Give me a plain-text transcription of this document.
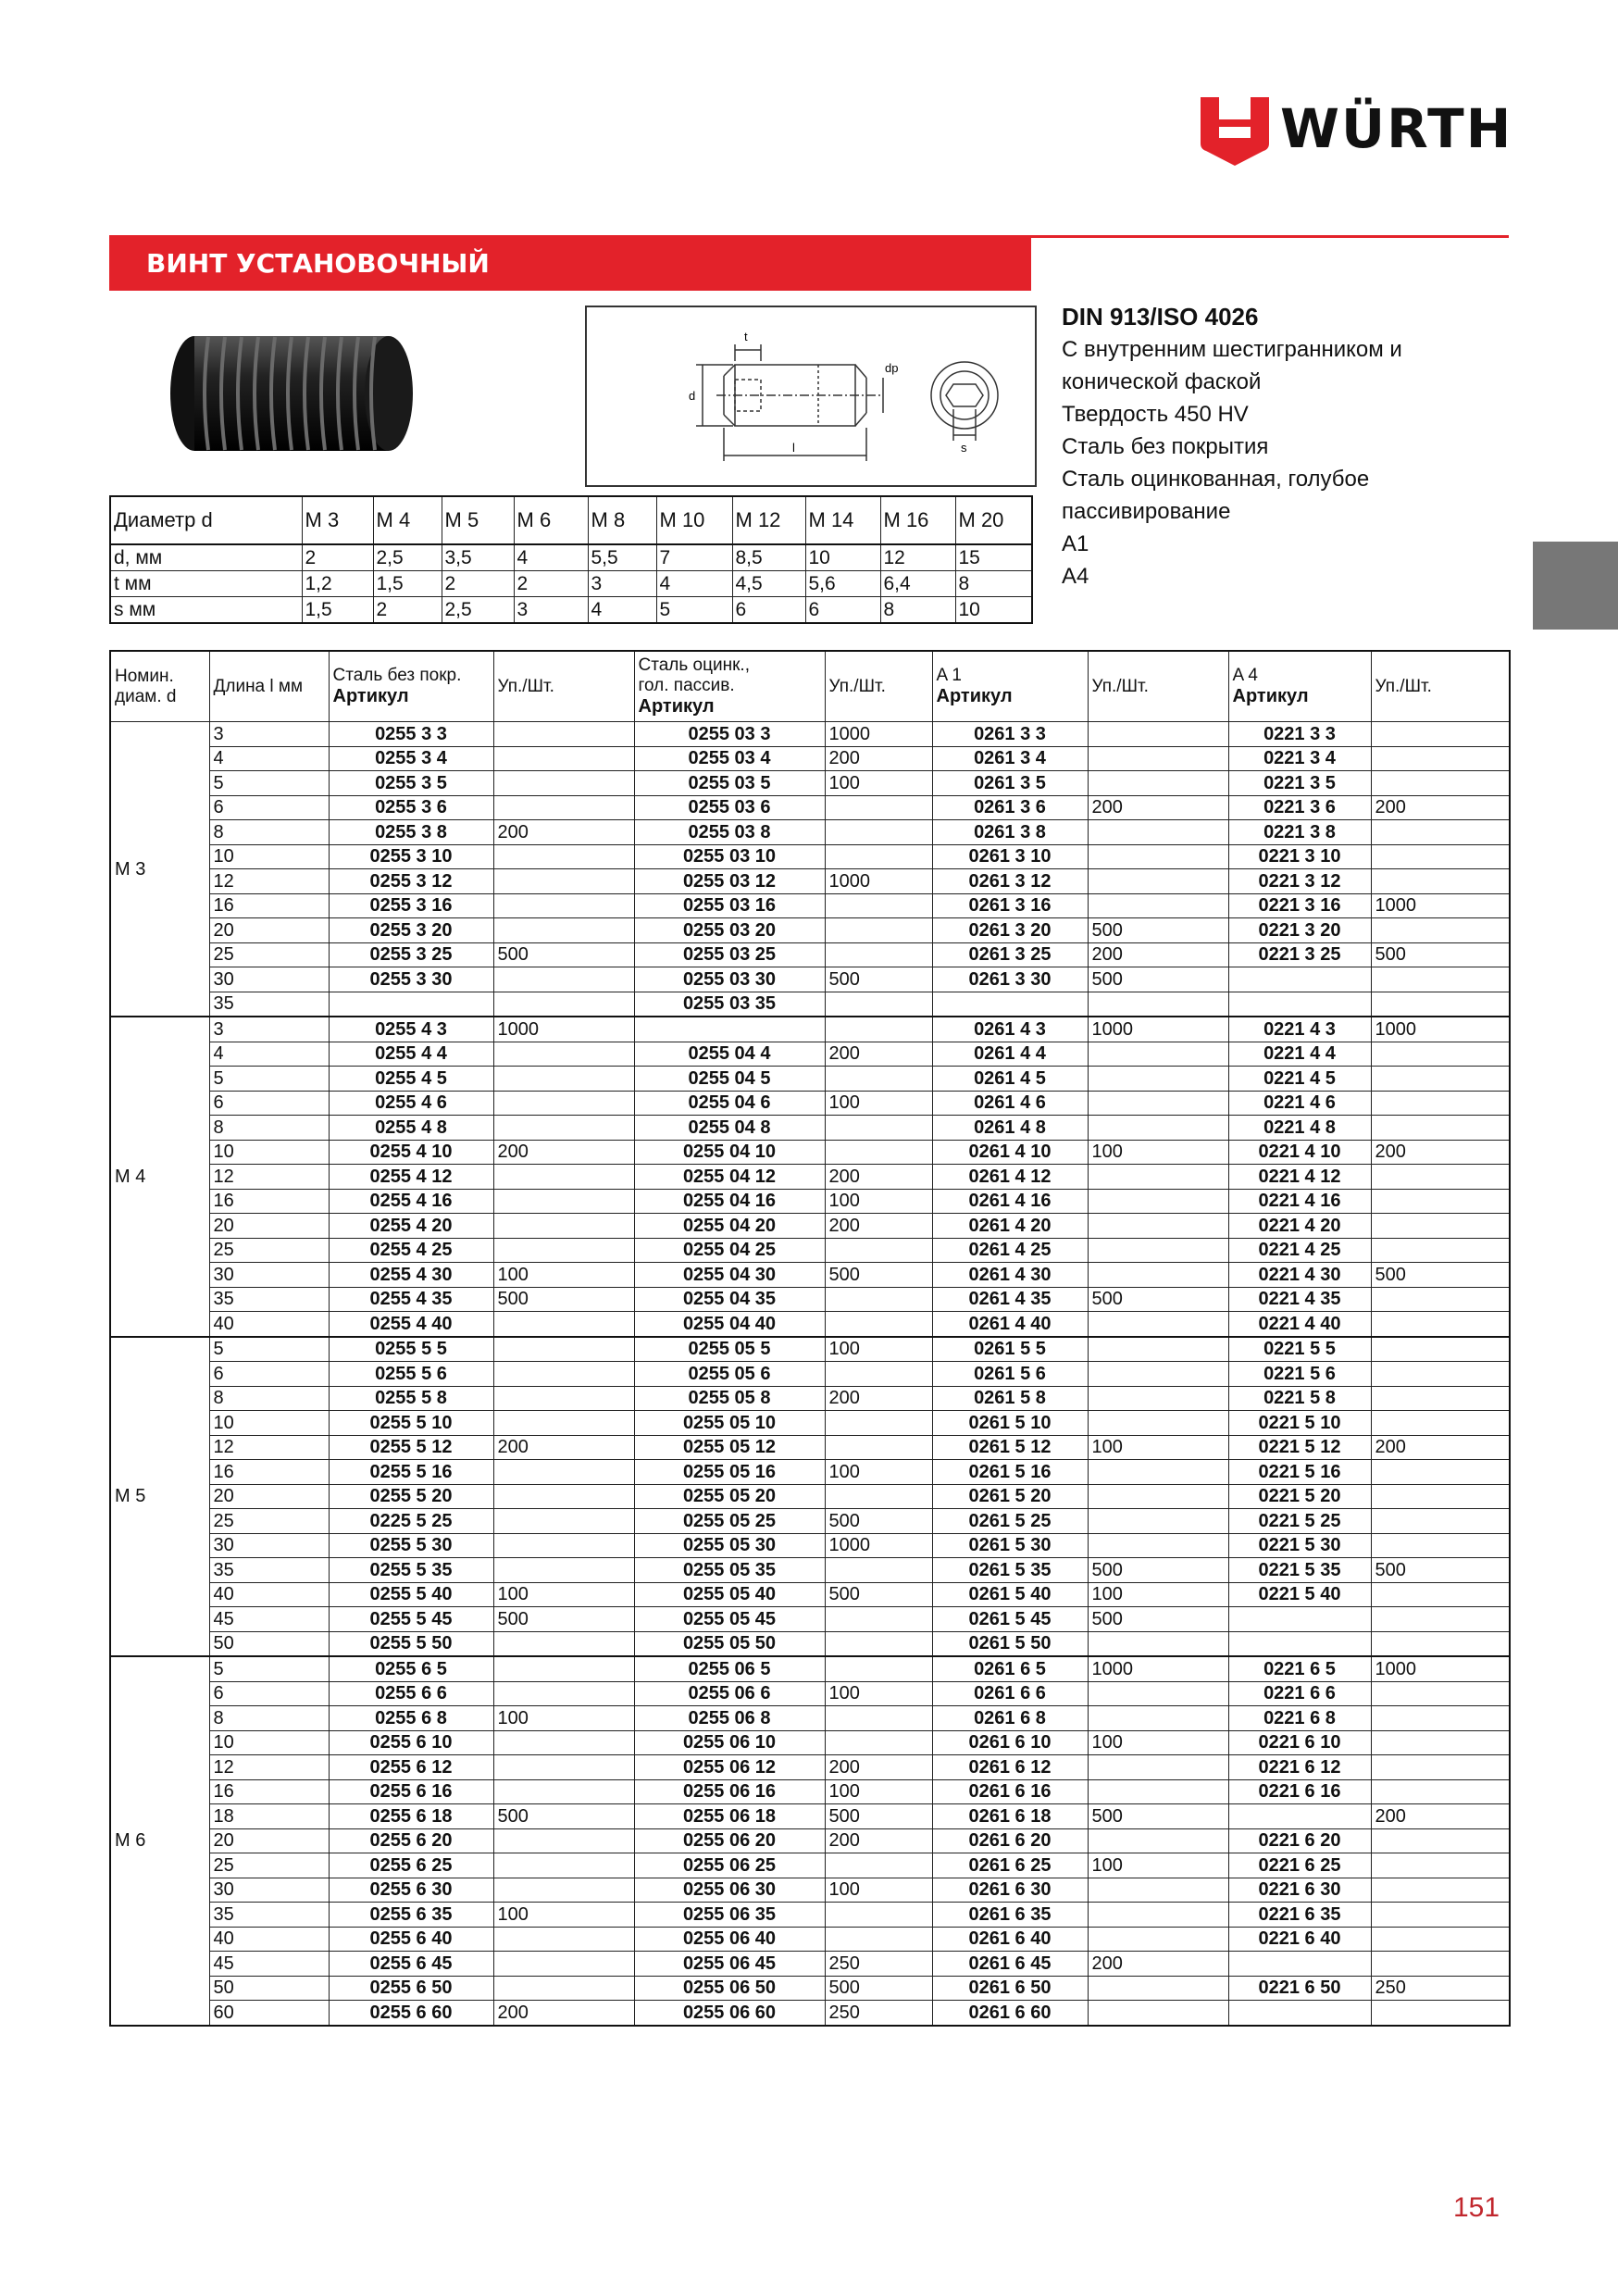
WÜRTH
ВИНТ УСТАНОВОЧНЫЙ
t
d
dp
l	s
DIN 913/ISO 4026
С внутренним шестигранником и
конической фаской
Твердость 450 HV
Сталь без покрытия
Сталь оцинкованная, голубое
пассивирование
A1
A4
Диаметр d	M 3	M 4	M 5	M 6	M 8	M 10	M 12	M 14	M 16	M 20
d, мм	2	2,5	3,5	4	5,5	7	8,5	10	12	15
t мм	1,2	1,5	2	2	3	4	4,5	5,6	6,4	8
s мм	1,5	2	2,5	3	4	5	6	6	8	10
Номин.
диам. d	Длина l мм	Сталь без покр.
Артикул	Уп./Шт.	Сталь оцинк.,
гол. пассив.
Артикул	Уп./Шт.	A 1
Артикул	Уп./Шт.	A 4
Артикул	Уп./Шт.
M 3	3	0255 3 3		0255 03 3	1000	0261 3 3		0221 3 3	
	4	0255 3 4		0255 03 4	200	0261 3 4		0221 3 4	
	5	0255 3 5		0255 03 5	100	0261 3 5		0221 3 5	
	6	0255 3 6		0255 03 6		0261 3 6	200	0221 3 6	200
	8	0255 3 8	200	0255 03 8		0261 3 8		0221 3 8	
	10	0255 3 10		0255 03 10		0261 3 10		0221 3 10	
	12	0255 3 12		0255 03 12	1000	0261 3 12		0221 3 12	
	16	0255 3 16		0255 03 16		0261 3 16		0221 3 16	1000
	20	0255 3 20		0255 03 20		0261 3 20	500	0221 3 20	
	25	0255 3 25	500	0255 03 25		0261 3 25	200	0221 3 25	500
	30	0255 3 30		0255 03 30	500	0261 3 30	500		
	35			0255 03 35					
M 4	3	0255 4 3	1000			0261 4 3	1000	0221 4 3	1000
	4	0255 4 4		0255 04 4	200	0261 4 4		0221 4 4	
	5	0255 4 5		0255 04 5		0261 4 5		0221 4 5	
	6	0255 4 6		0255 04 6	100	0261 4 6		0221 4 6	
	8	0255 4 8		0255 04 8		0261 4 8		0221 4 8	
	10	0255 4 10	200	0255 04 10		0261 4 10	100	0221 4 10	200
	12	0255 4 12		0255 04 12	200	0261 4 12		0221 4 12	
	16	0255 4 16		0255 04 16	100	0261 4 16		0221 4 16	
	20	0255 4 20		0255 04 20	200	0261 4 20		0221 4 20	
	25	0255 4 25		0255 04 25		0261 4 25		0221 4 25	
	30	0255 4 30	100	0255 04 30	500	0261 4 30		0221 4 30	500
	35	0255 4 35	500	0255 04 35		0261 4 35	500	0221 4 35	
	40	0255 4 40		0255 04 40		0261 4 40		0221 4 40	
M 5	5	0255 5 5		0255 05 5	100	0261 5 5		0221 5 5	
	6	0255 5 6		0255 05 6		0261 5 6		0221 5 6	
	8	0255 5 8		0255 05 8	200	0261 5 8		0221 5 8	
	10	0255 5 10		0255 05 10		0261 5 10		0221 5 10	
	12	0255 5 12	200	0255 05 12		0261 5 12	100	0221 5 12	200
	16	0255 5 16		0255 05 16	100	0261 5 16		0221 5 16	
	20	0255 5 20		0255 05 20		0261 5 20		0221 5 20	
	25	0225 5 25		0255 05 25	500	0261 5 25		0221 5 25	
	30	0255 5 30		0255 05 30	1000	0261 5 30		0221 5 30	
	35	0255 5 35		0255 05 35		0261 5 35	500	0221 5 35	500
	40	0255 5 40	100	0255 05 40	500	0261 5 40	100	0221 5 40	
	45	0255 5 45	500	0255 05 45		0261 5 45	500		
	50	0255 5 50		0255 05 50		0261 5 50			
M 6	5	0255 6 5		0255 06 5		0261 6 5	1000	0221 6 5	1000
	6	0255 6 6		0255 06 6	100	0261 6 6		0221 6 6	
	8	0255 6 8	100	0255 06 8		0261 6 8		0221 6 8	
	10	0255 6 10		0255 06 10		0261 6 10	100	0221 6 10	
	12	0255 6 12		0255 06 12	200	0261 6 12		0221 6 12	
	16	0255 6 16		0255 06 16	100	0261 6 16		0221 6 16	
	18	0255 6 18	500	0255 06 18	500	0261 6 18	500		200
	20	0255 6 20		0255 06 20	200	0261 6 20		0221 6 20	
	25	0255 6 25		0255 06 25		0261 6 25	100	0221 6 25	
	30	0255 6 30		0255 06 30	100	0261 6 30		0221 6 30	
	35	0255 6 35	100	0255 06 35		0261 6 35		0221 6 35	
	40	0255 6 40		0255 06 40		0261 6 40		0221 6 40	
	45	0255 6 45		0255 06 45	250	0261 6 45	200		
	50	0255 6 50		0255 06 50	500	0261 6 50		0221 6 50	250
	60	0255 6 60	200	0255 06 60	250	0261 6 60			
151
